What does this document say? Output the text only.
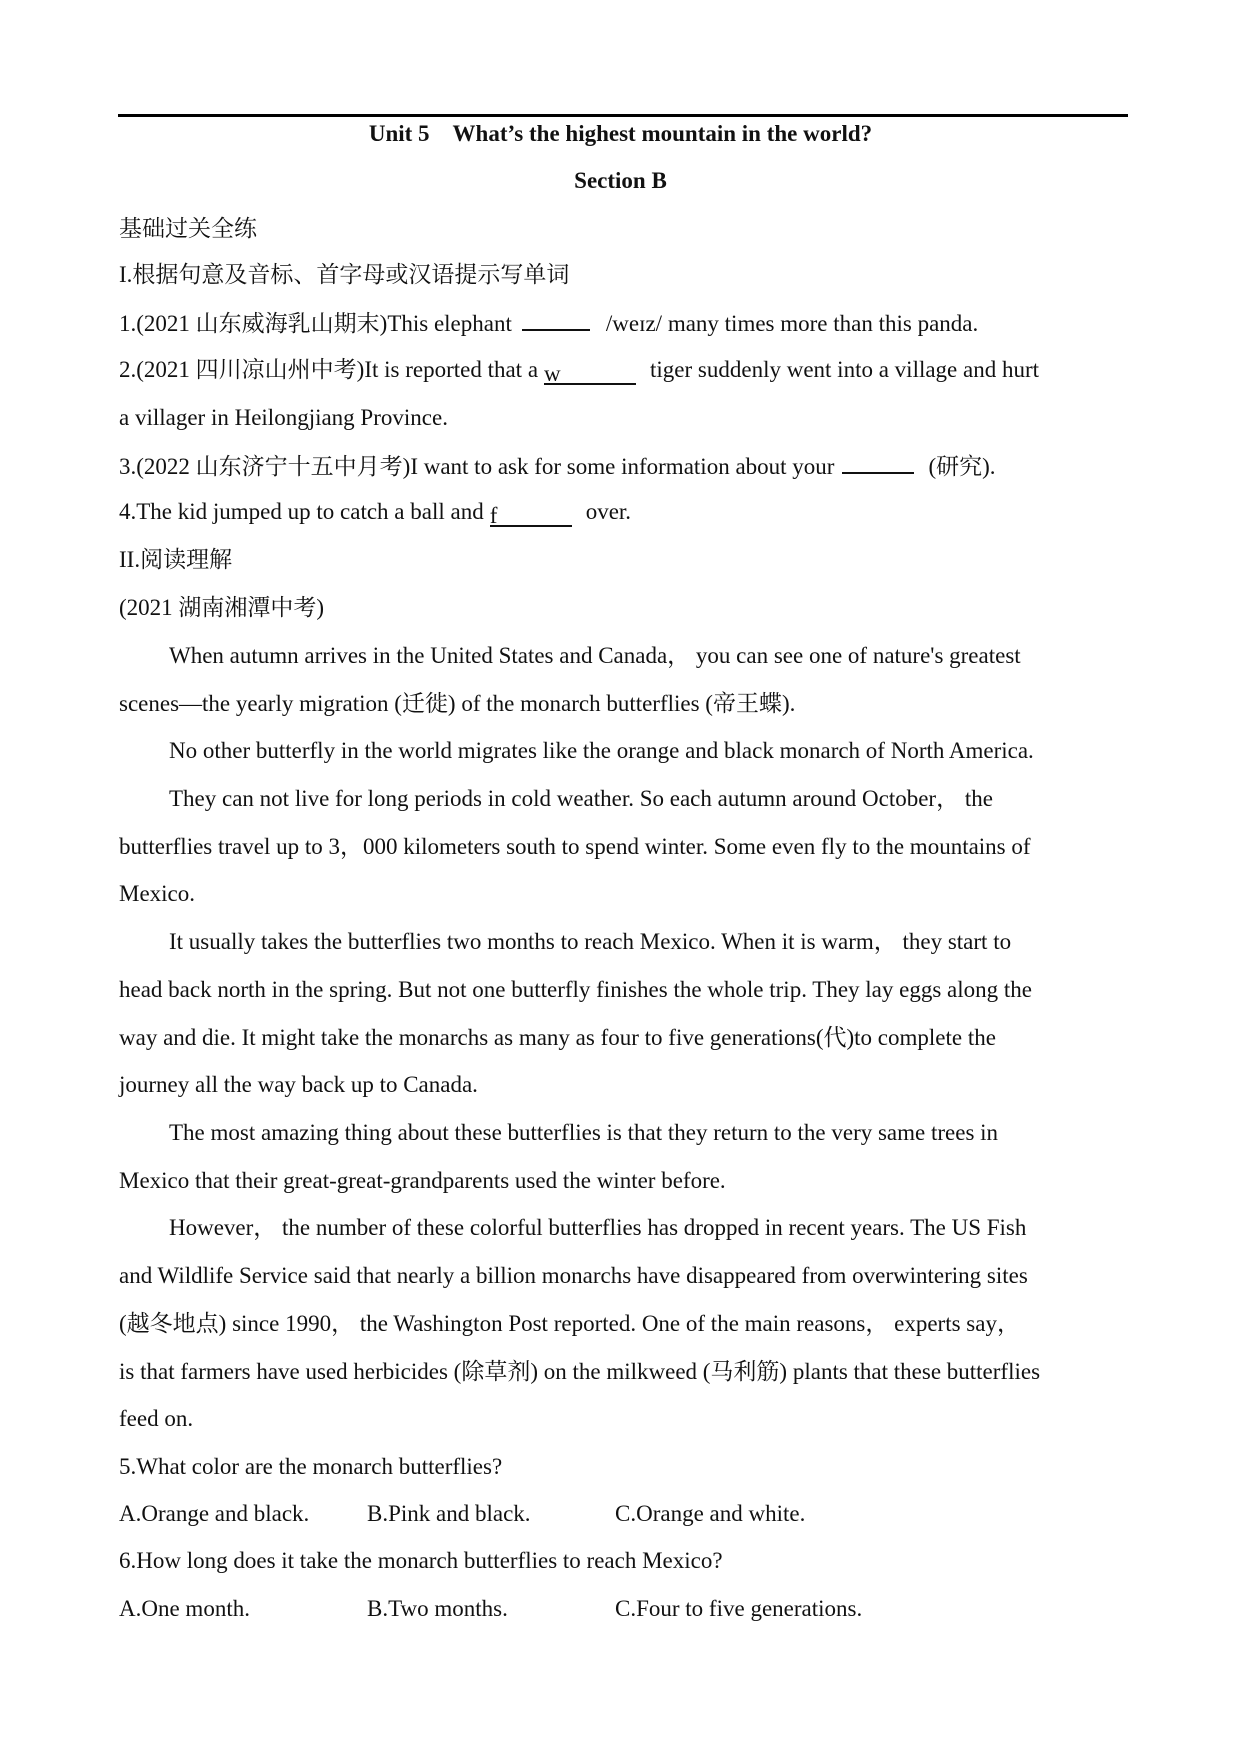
Unit 5　What’s the highest mountain in the world?
Section B
基础过关全练
I.根据句意及音标、首字母或汉语提示写单词
1.(2021 山东威海乳山期末)This elephant	/weɪz/ many times more than this panda.
2.(2021 四川凉山州中考)It is reported that a w	tiger suddenly went into a village and hurt
a villager in Heilongjiang Province.
3.(2022 山东济宁十五中月考)I want to ask for some information about your	(研究).
4.The kid jumped up to catch a ball and f	over.
II.阅读理解
(2021 湖南湘潭中考)
When autumn arrives in the United States and Canada， you can see one of nature's greatest
scenes—the yearly migration (迁徙) of the monarch butterflies (帝王蝶).
No other butterfly in the world migrates like the orange and black monarch of North America.
They can not live for long periods in cold weather. So each autumn around October， the
butterflies travel up to 3，000 kilometers south to spend winter. Some even fly to the mountains of
Mexico.
It usually takes the butterflies two months to reach Mexico. When it is warm， they start to
head back north in the spring. But not one butterfly finishes the whole trip. They lay eggs along the
way and die. It might take the monarchs as many as four to five generations(代)to complete the
journey all the way back up to Canada.
The most amazing thing about these butterflies is that they return to the very same trees in
Mexico that their great-great-grandparents used the winter before.
However， the number of these colorful butterflies has dropped in recent years. The US Fish
and Wildlife Service said that nearly a billion monarchs have disappeared from overwintering sites
(越冬地点) since 1990， the Washington Post reported. One of the main reasons， experts say，
is that farmers have used herbicides (除草剂) on the milkweed (马利筋) plants that these butterflies
feed on.
5.What color are the monarch butterflies?
A.Orange and black.	B.Pink and black.	C.Orange and white.
6.How long does it take the monarch butterflies to reach Mexico?
A.One month.	B.Two months.	C.Four to five generations.
